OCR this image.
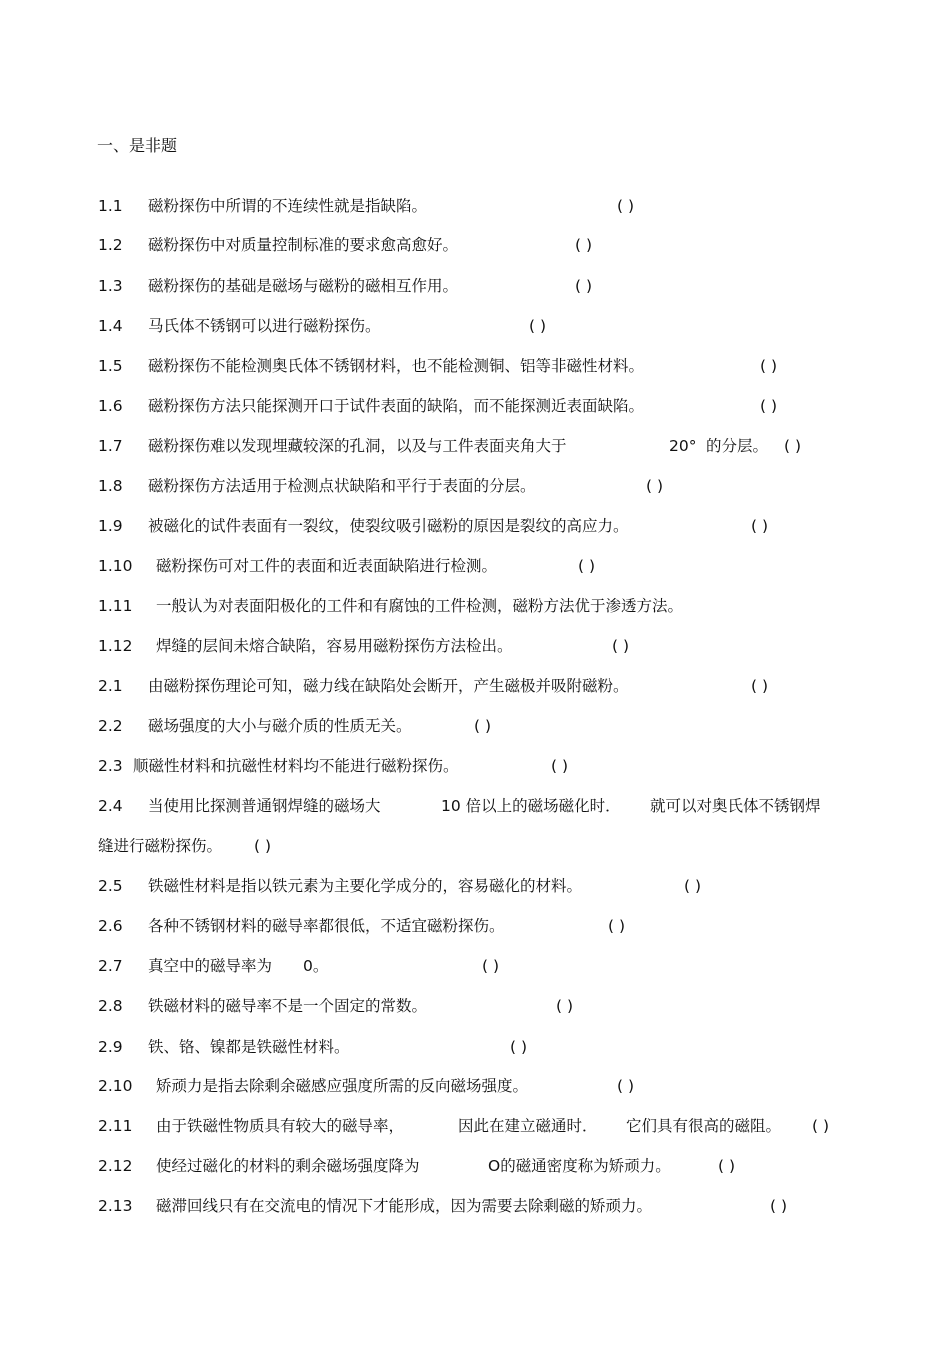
一、是非题
1.1 磁粉探伤中所谓的不连续性就是指缺陷。	( )
1.2 磁粉探伤中对质量控制标准的要求愈高愈好。	( )
1.3 磁粉探伤的基础是磁场与磁粉的磁相互作用。	( )
1.4 马氏体不锈钢可以进行磁粉探伤。	( )
1.5 磁粉探伤不能检测奥氏体不锈钢材料，也不能检测铜、铝等非磁性材料。	( )
1.6 磁粉探伤方法只能探测开口于试件表面的缺陷，而不能探测近表面缺陷。	( )
1.7 磁粉探伤难以发现埋藏较深的孔洞，以及与工件表面夹角大于	20° 的分层。 ( )
1.8 磁粉探伤方法适用于检测点状缺陷和平行于表面的分层。	( )
1.9 被磁化的试件表面有一裂纹，使裂纹吸引磁粉的原因是裂纹的高应力。	( )
1.10 磁粉探伤可对工件的表面和近表面缺陷进行检测。	( )
1.11 一般认为对表面阳极化的工件和有腐蚀的工件检测，磁粉方法优于渗透方法。
1.12 焊缝的层间未熔合缺陷，容易用磁粉探伤方法检出。	( )
2.1 由磁粉探伤理论可知，磁力线在缺陷处会断开，产生磁极并吸附磁粉。	( )
2.2 磁场强度的大小与磁介质的性质无关。	( )
2.3 顺磁性材料和抗磁性材料均不能进行磁粉探伤。	( )
2.4 当使用比探测普通钢焊缝的磁场大	10 倍以上的磁场磁化时． 就可以对奥氏体不锈钢焊
缝进行磁粉探伤。 ( )
2.5 铁磁性材料是指以铁元素为主要化学成分的，容易磁化的材料。	( )
2.6 各种不锈钢材料的磁导率都很低，不适宜磁粉探伤。	( )
2.7 真空中的磁导率为 0。	( )
2.8 铁磁材料的磁导率不是一个固定的常数。	( )
2.9 铁、铬、镍都是铁磁性材料。	( )
2.10 矫顽力是指去除剩余磁感应强度所需的反向磁场强度。	( )
2.11 由于铁磁性物质具有较大的磁导率，	因此在建立磁通时． 它们具有很高的磁阻。 ( )
2.12 使经过磁化的材料的剩余磁场强度降为	O的磁通密度称为矫顽力。	( )
2.13 磁滞回线只有在交流电的情况下才能形成，因为需要去除剩磁的矫顽力。	( )
